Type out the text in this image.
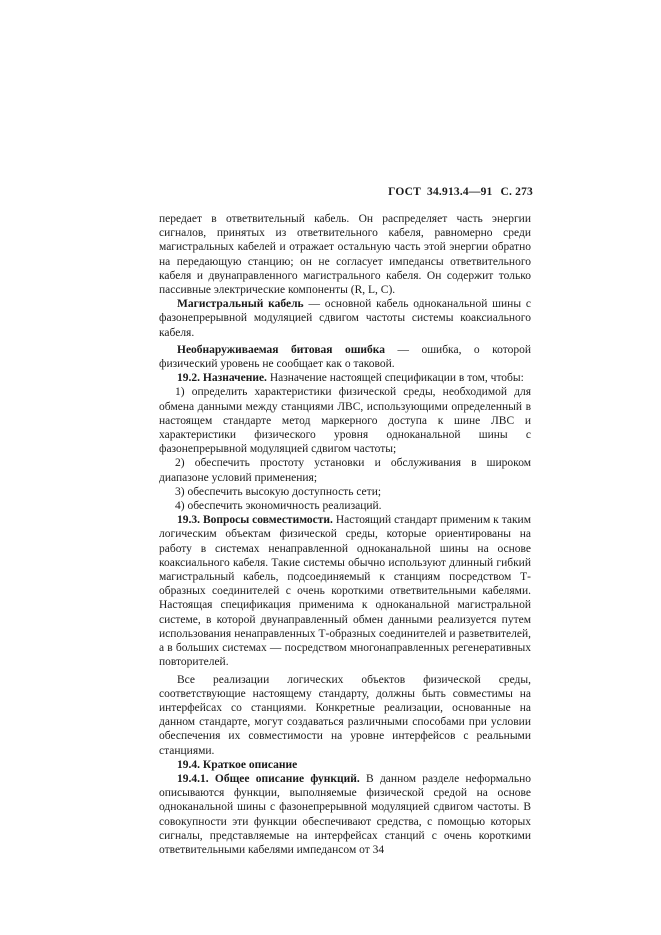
ГОСТ 34.913.4—91 С. 273

передает в ответвительный кабель. Он распределяет часть энергии сигналов, принятых из ответвительного кабеля, равномерно среди магистральных кабелей и отражает остальную часть этой энергии обратно на передающую станцию; он не согласует импедансы ответвительного кабеля и двунаправленного магистрального кабеля. Он содержит только пассивные электрические компоненты (R, L, С).

Магистральный кабель — основной кабель одноканальной шины с фазонепрерывной модуляцией сдвигом частоты системы коаксиального кабеля.

Необнаруживаемая битовая ошибка — ошибка, о которой физический уровень не сообщает как о таковой.

19.2. Назначение. Назначение настоящей спецификации в том, чтобы:

1) определить характеристики физической среды, необходимой для обмена данными между станциями ЛВС, использующими определенный в настоящем стандарте метод маркерного доступа к шине ЛВС и характеристики физического уровня одноканальной шины с фазонепрерывной модуляцией сдвигом частоты;

2) обеспечить простоту установки и обслуживания в широком диапазоне условий применения;

3) обеспечить высокую доступность сети;

4) обеспечить экономичность реализаций.

19.3. Вопросы совместимости. Настоящий стандарт применим к таким логическим объектам физической среды, которые ориентированы на работу в системах ненаправленной одноканальной шины на основе коаксиального кабеля. Такие системы обычно используют длинный гибкий магистральный кабель, подсоединяемый к станциям посредством Т-образных соединителей с очень короткими ответвительными кабелями. Настоящая спецификация применима к одноканальной магистральной системе, в которой двунаправленный обмен данными реализуется путем использования ненаправленных Т-образных соединителей и разветвителей, а в больших системах — посредством многонаправленных регенеративных повторителей.

Все реализации логических объектов физической среды, соответствующие настоящему стандарту, должны быть совместимы на интерфейсах со станциями. Конкретные реализации, основанные на данном стандарте, могут создаваться различными способами при условии обеспечения их совместимости на уровне интерфейсов с реальными станциями.

19.4. Краткое описание

19.4.1. Общее описание функций. В данном разделе неформально описываются функции, выполняемые физической средой на основе одноканальной шины с фазонепрерывной модуляцией сдвигом частоты. В совокупности эти функции обеспечивают средства, с помощью которых сигналы, представляемые на интерфейсах станций с очень короткими ответвительными кабелями импедансом от 34
